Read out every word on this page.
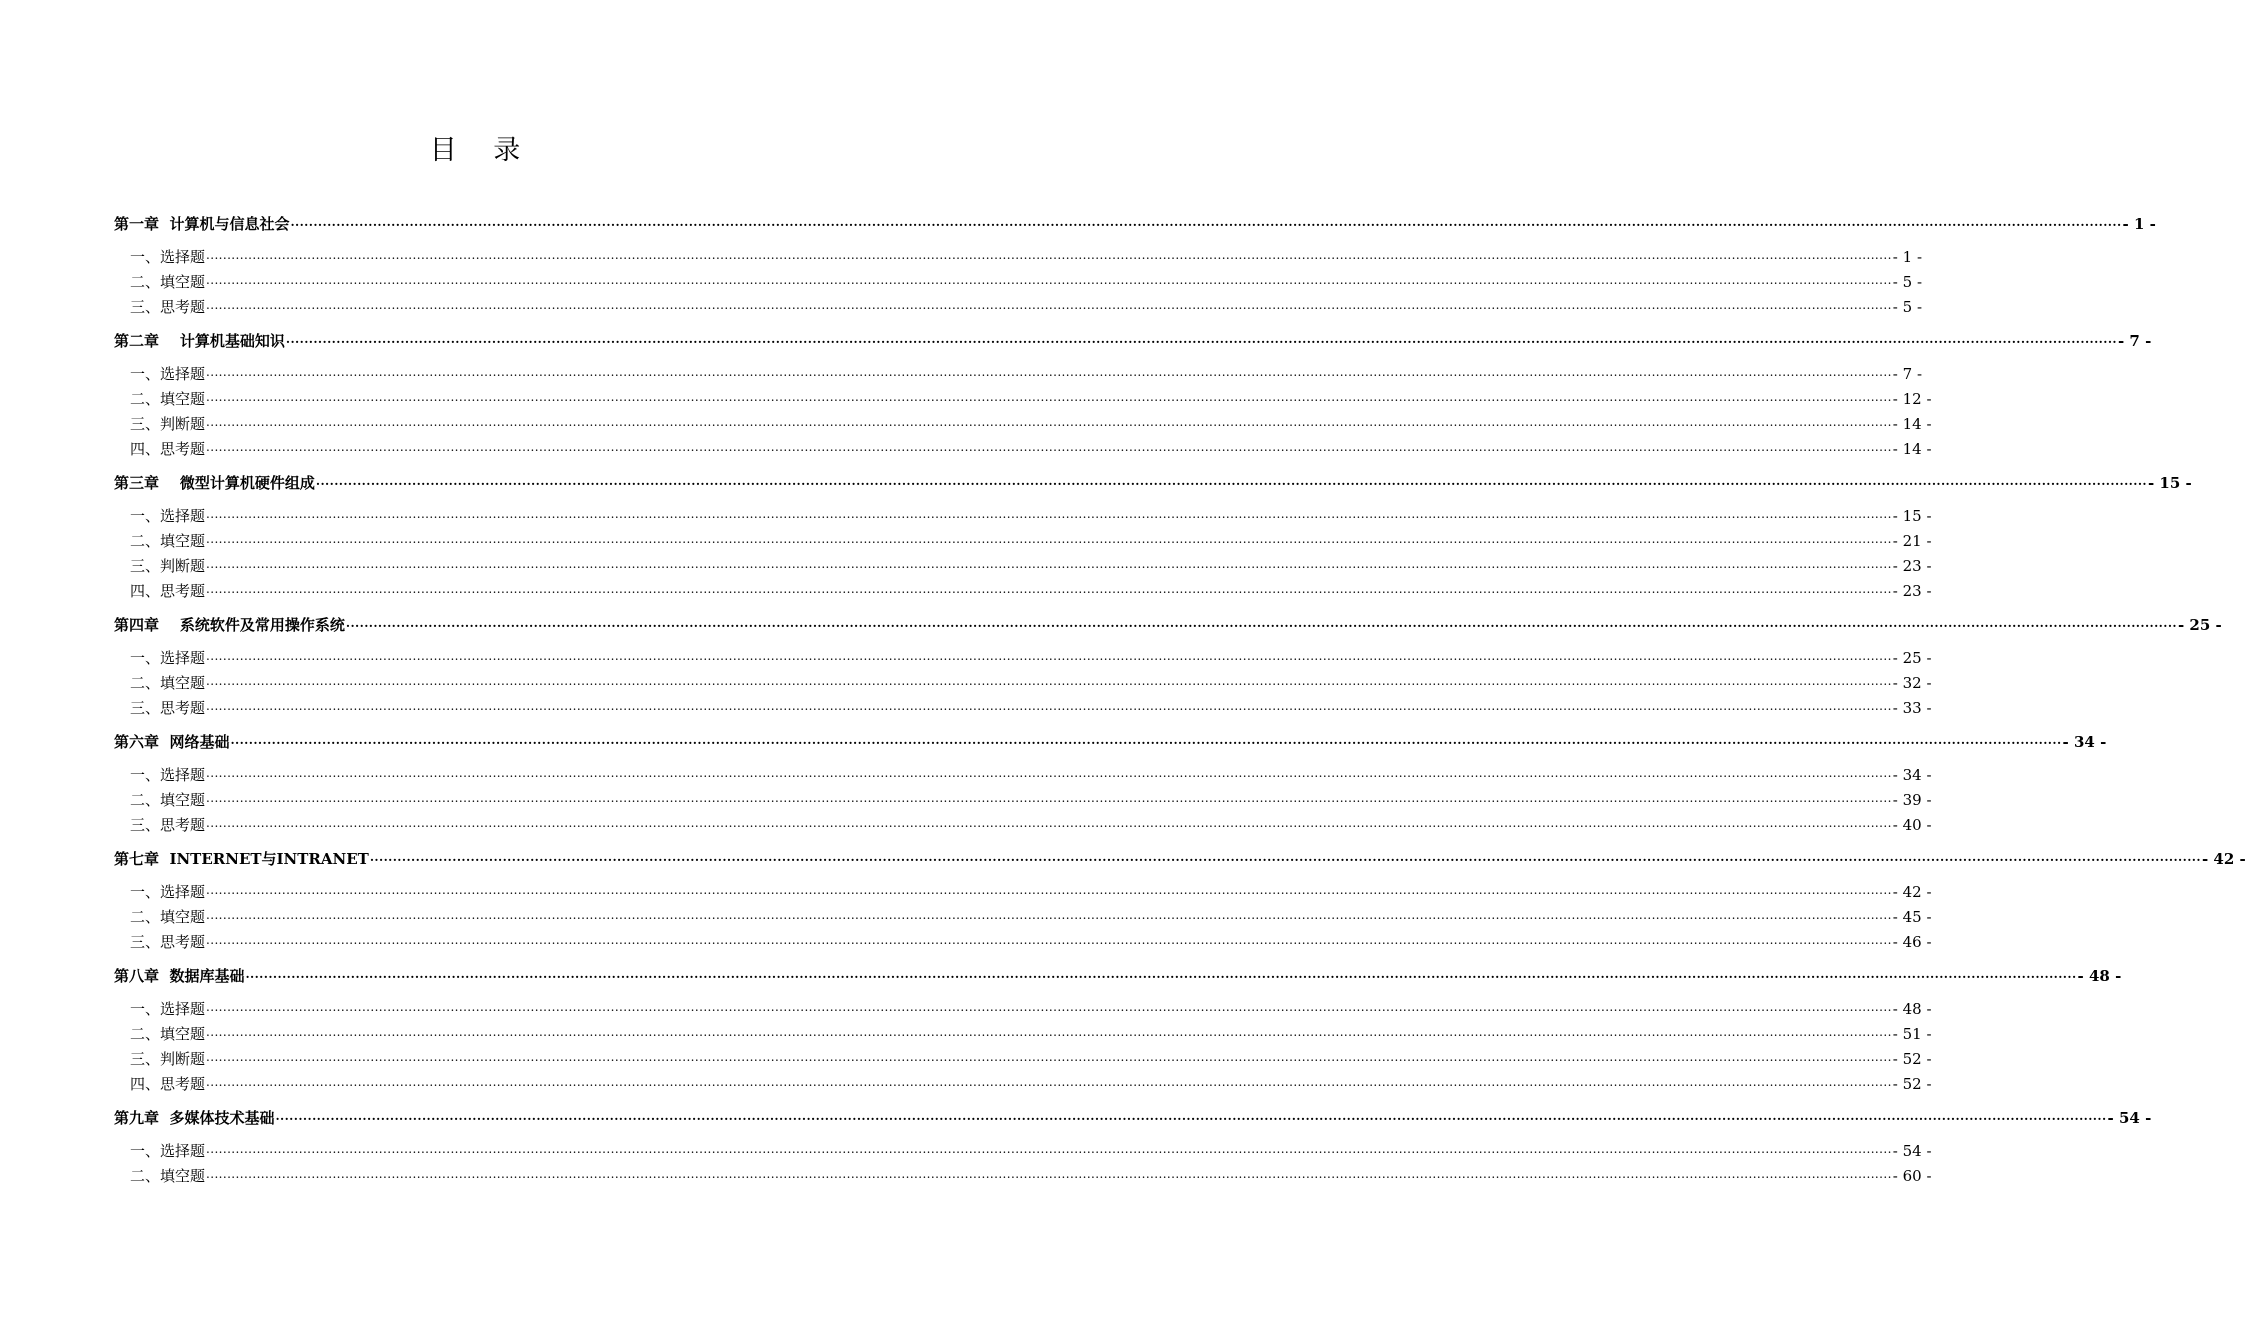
目 录
第一章  计算机与信息社会 ................................................................................................................................................................................................................................................................................................................................................................................................................ - 1 -
一、选择题 ................................................................................................................................................................................................................................................................................................................................................................................................................ - 1 -
二、填空题 ................................................................................................................................................................................................................................................................................................................................................................................................................ - 5 -
三、思考题 ................................................................................................................................................................................................................................................................................................................................................................................................................ - 5 -
第二章    计算机基础知识 ................................................................................................................................................................................................................................................................................................................................................................................................................ - 7 -
一、选择题 ................................................................................................................................................................................................................................................................................................................................................................................................................ - 7 -
二、填空题 ................................................................................................................................................................................................................................................................................................................................................................................................................ - 12 -
三、判断题 ................................................................................................................................................................................................................................................................................................................................................................................................................ - 14 -
四、思考题 ................................................................................................................................................................................................................................................................................................................................................................................................................ - 14 -
第三章    微型计算机硬件组成 ................................................................................................................................................................................................................................................................................................................................................................................................................ - 15 -
一、选择题 ................................................................................................................................................................................................................................................................................................................................................................................................................ - 15 -
二、填空题 ................................................................................................................................................................................................................................................................................................................................................................................................................ - 21 -
三、判断题 ................................................................................................................................................................................................................................................................................................................................................................................................................ - 23 -
四、思考题 ................................................................................................................................................................................................................................................................................................................................................................................................................ - 23 -
第四章    系统软件及常用操作系统 ................................................................................................................................................................................................................................................................................................................................................................................................................ - 25 -
一、选择题 ................................................................................................................................................................................................................................................................................................................................................................................................................ - 25 -
二、填空题 ................................................................................................................................................................................................................................................................................................................................................................................................................ - 32 -
三、思考题 ................................................................................................................................................................................................................................................................................................................................................................................................................ - 33 -
第六章  网络基础 ................................................................................................................................................................................................................................................................................................................................................................................................................ - 34 -
一、选择题 ................................................................................................................................................................................................................................................................................................................................................................................................................ - 34 -
二、填空题 ................................................................................................................................................................................................................................................................................................................................................................................................................ - 39 -
三、思考题 ................................................................................................................................................................................................................................................................................................................................................................................................................ - 40 -
第七章  INTERNET与INTRANET ................................................................................................................................................................................................................................................................................................................................................................................................................ - 42 -
一、选择题 ................................................................................................................................................................................................................................................................................................................................................................................................................ - 42 -
二、填空题 ................................................................................................................................................................................................................................................................................................................................................................................................................ - 45 -
三、思考题 ................................................................................................................................................................................................................................................................................................................................................................................................................ - 46 -
第八章  数据库基础 ................................................................................................................................................................................................................................................................................................................................................................................................................ - 48 -
一、选择题 ................................................................................................................................................................................................................................................................................................................................................................................................................ - 48 -
二、填空题 ................................................................................................................................................................................................................................................................................................................................................................................................................ - 51 -
三、判断题 ................................................................................................................................................................................................................................................................................................................................................................................................................ - 52 -
四、思考题 ................................................................................................................................................................................................................................................................................................................................................................................................................ - 52 -
第九章  多媒体技术基础 ................................................................................................................................................................................................................................................................................................................................................................................................................ - 54 -
一、选择题 ................................................................................................................................................................................................................................................................................................................................................................................................................ - 54 -
二、填空题 ................................................................................................................................................................................................................................................................................................................................................................................................................ - 60 -
